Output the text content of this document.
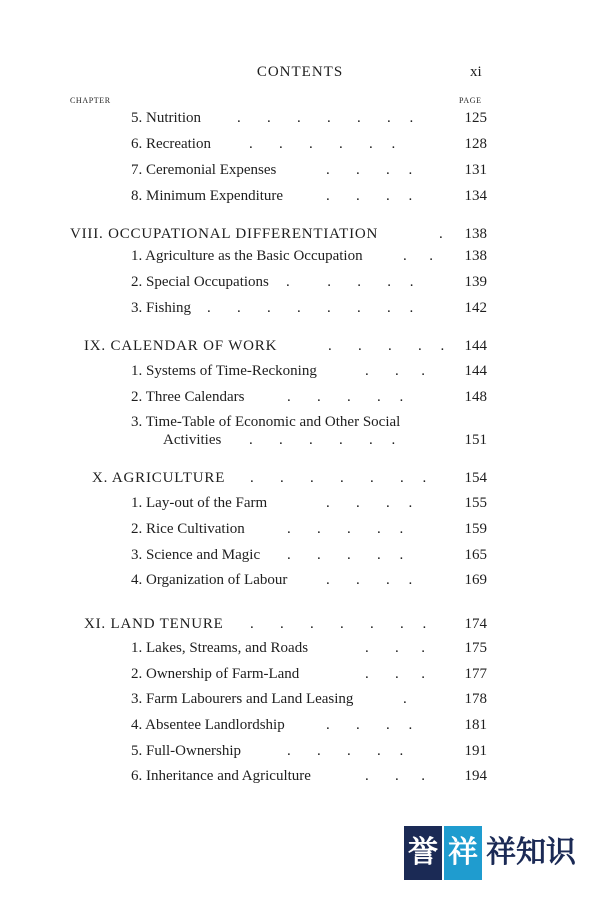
CONTENTS	xi
CHAPTER	PAGE
5. Nutrition .       .       .       .       .       .     .	125
6. Recreation	.       .       .       .       .     .	128
7. Ceremonial Expenses	.       .       .     .	131
8. Minimum Expenditure	.       .       .     .	134
VIII. OCCUPATIONAL DIFFERENTIATION	. 138
1. Agriculture as the Basic Occupation	.      . 138
2. Special Occupations .          .       .       .     .	139
3. Fishing .       .       .       .       .       .       .     .	142
IX. CALENDAR OF WORK	.       .       .       .     . 144
1. Systems of Time-Reckoning	.       .      .	144
2. Three Calendars	.       .       .       .     .	148
3. Time-Table of Economic and Other Social
Activities .       .       .       .       .     .	151
X. AGRICULTURE .       .       .       .       .       .     .	154
1. Lay-out of the Farm	.       .       .     .	155
2. Rice Cultivation	.       .       .       .     .	159
3. Science and Magic .       .       .       .     .	165
4. Organization of Labour	.       .       .     .	169
XI. LAND TENURE .       .       .       .       .       .     .	174
1. Lakes, Streams, and Roads	.       .      .	175
2. Ownership of Farm-Land	.       .      .	177
3. Farm Labourers and Land Leasing	.	178
4. Absentee Landlordship	.       .       .     .	181
5. Full-Ownership	.       .       .       .     .	191
6. Inheritance and Agriculture	.       .      .	194
誉 祥 祥知识
